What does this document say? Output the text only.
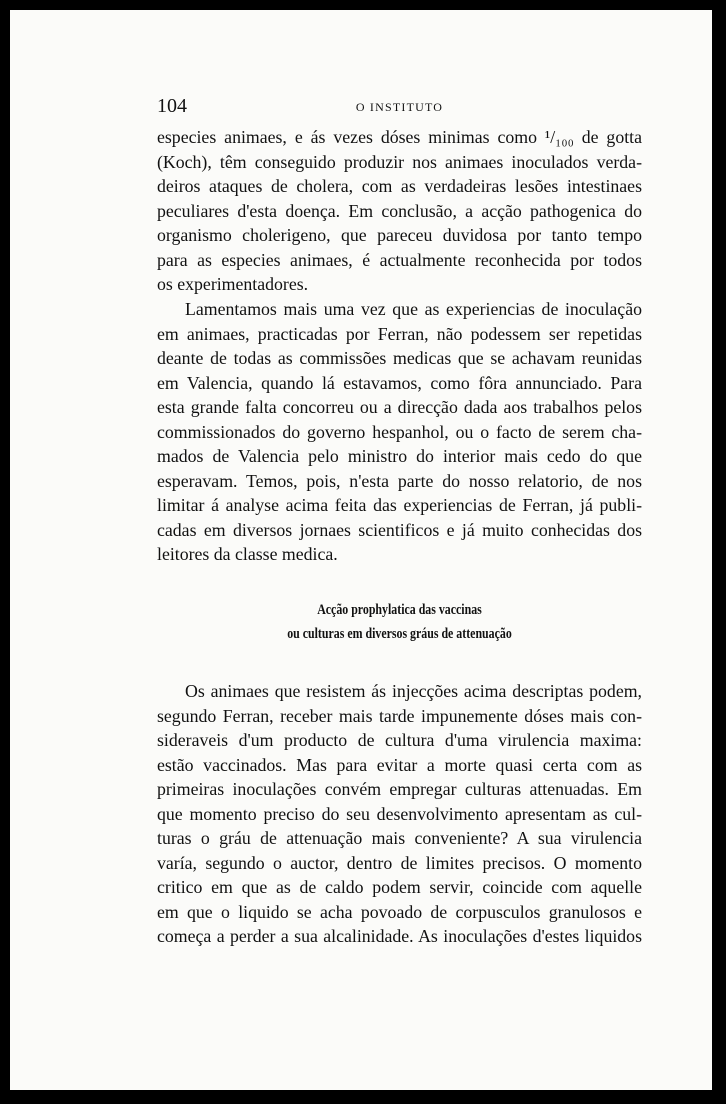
104	O INSTITUTO
especies animaes, e ás vezes dóses minimas como ¹/₁₀₀ de gotta
(Koch), têm conseguido produzir nos animaes inoculados verda-
deiros ataques de cholera, com as verdadeiras lesões intestinaes
peculiares d'esta doença. Em conclusão, a acção pathogenica do
organismo cholerigeno, que pareceu duvidosa por tanto tempo
para as especies animaes, é actualmente reconhecida por todos
os experimentadores.
Lamentamos mais uma vez que as experiencias de inoculação
em animaes, practicadas por Ferran, não podessem ser repetidas
deante de todas as commissões medicas que se achavam reunidas
em Valencia, quando lá estavamos, como fôra annunciado. Para
esta grande falta concorreu ou a direcção dada aos trabalhos pelos
commissionados do governo hespanhol, ou o facto de serem cha-
mados de Valencia pelo ministro do interior mais cedo do que
esperavam. Temos, pois, n'esta parte do nosso relatorio, de nos
limitar á analyse acima feita das experiencias de Ferran, já publi-
cadas em diversos jornaes scientificos e já muito conhecidas dos
leitores da classe medica.
Acção prophylatica das vaccinas
ou culturas em diversos gráus de attenuação
Os animaes que resistem ás injecções acima descriptas podem,
segundo Ferran, receber mais tarde impunemente dóses mais con-
sideraveis d'um producto de cultura d'uma virulencia maxima:
estão vaccinados. Mas para evitar a morte quasi certa com as
primeiras inoculações convém empregar culturas attenuadas. Em
que momento preciso do seu desenvolvimento apresentam as cul-
turas o gráu de attenuação mais conveniente? A sua virulencia
varía, segundo o auctor, dentro de limites precisos. O momento
critico em que as de caldo podem servir, coincide com aquelle
em que o liquido se acha povoado de corpusculos granulosos e
começa a perder a sua alcalinidade. As inoculações d'estes liquidos
